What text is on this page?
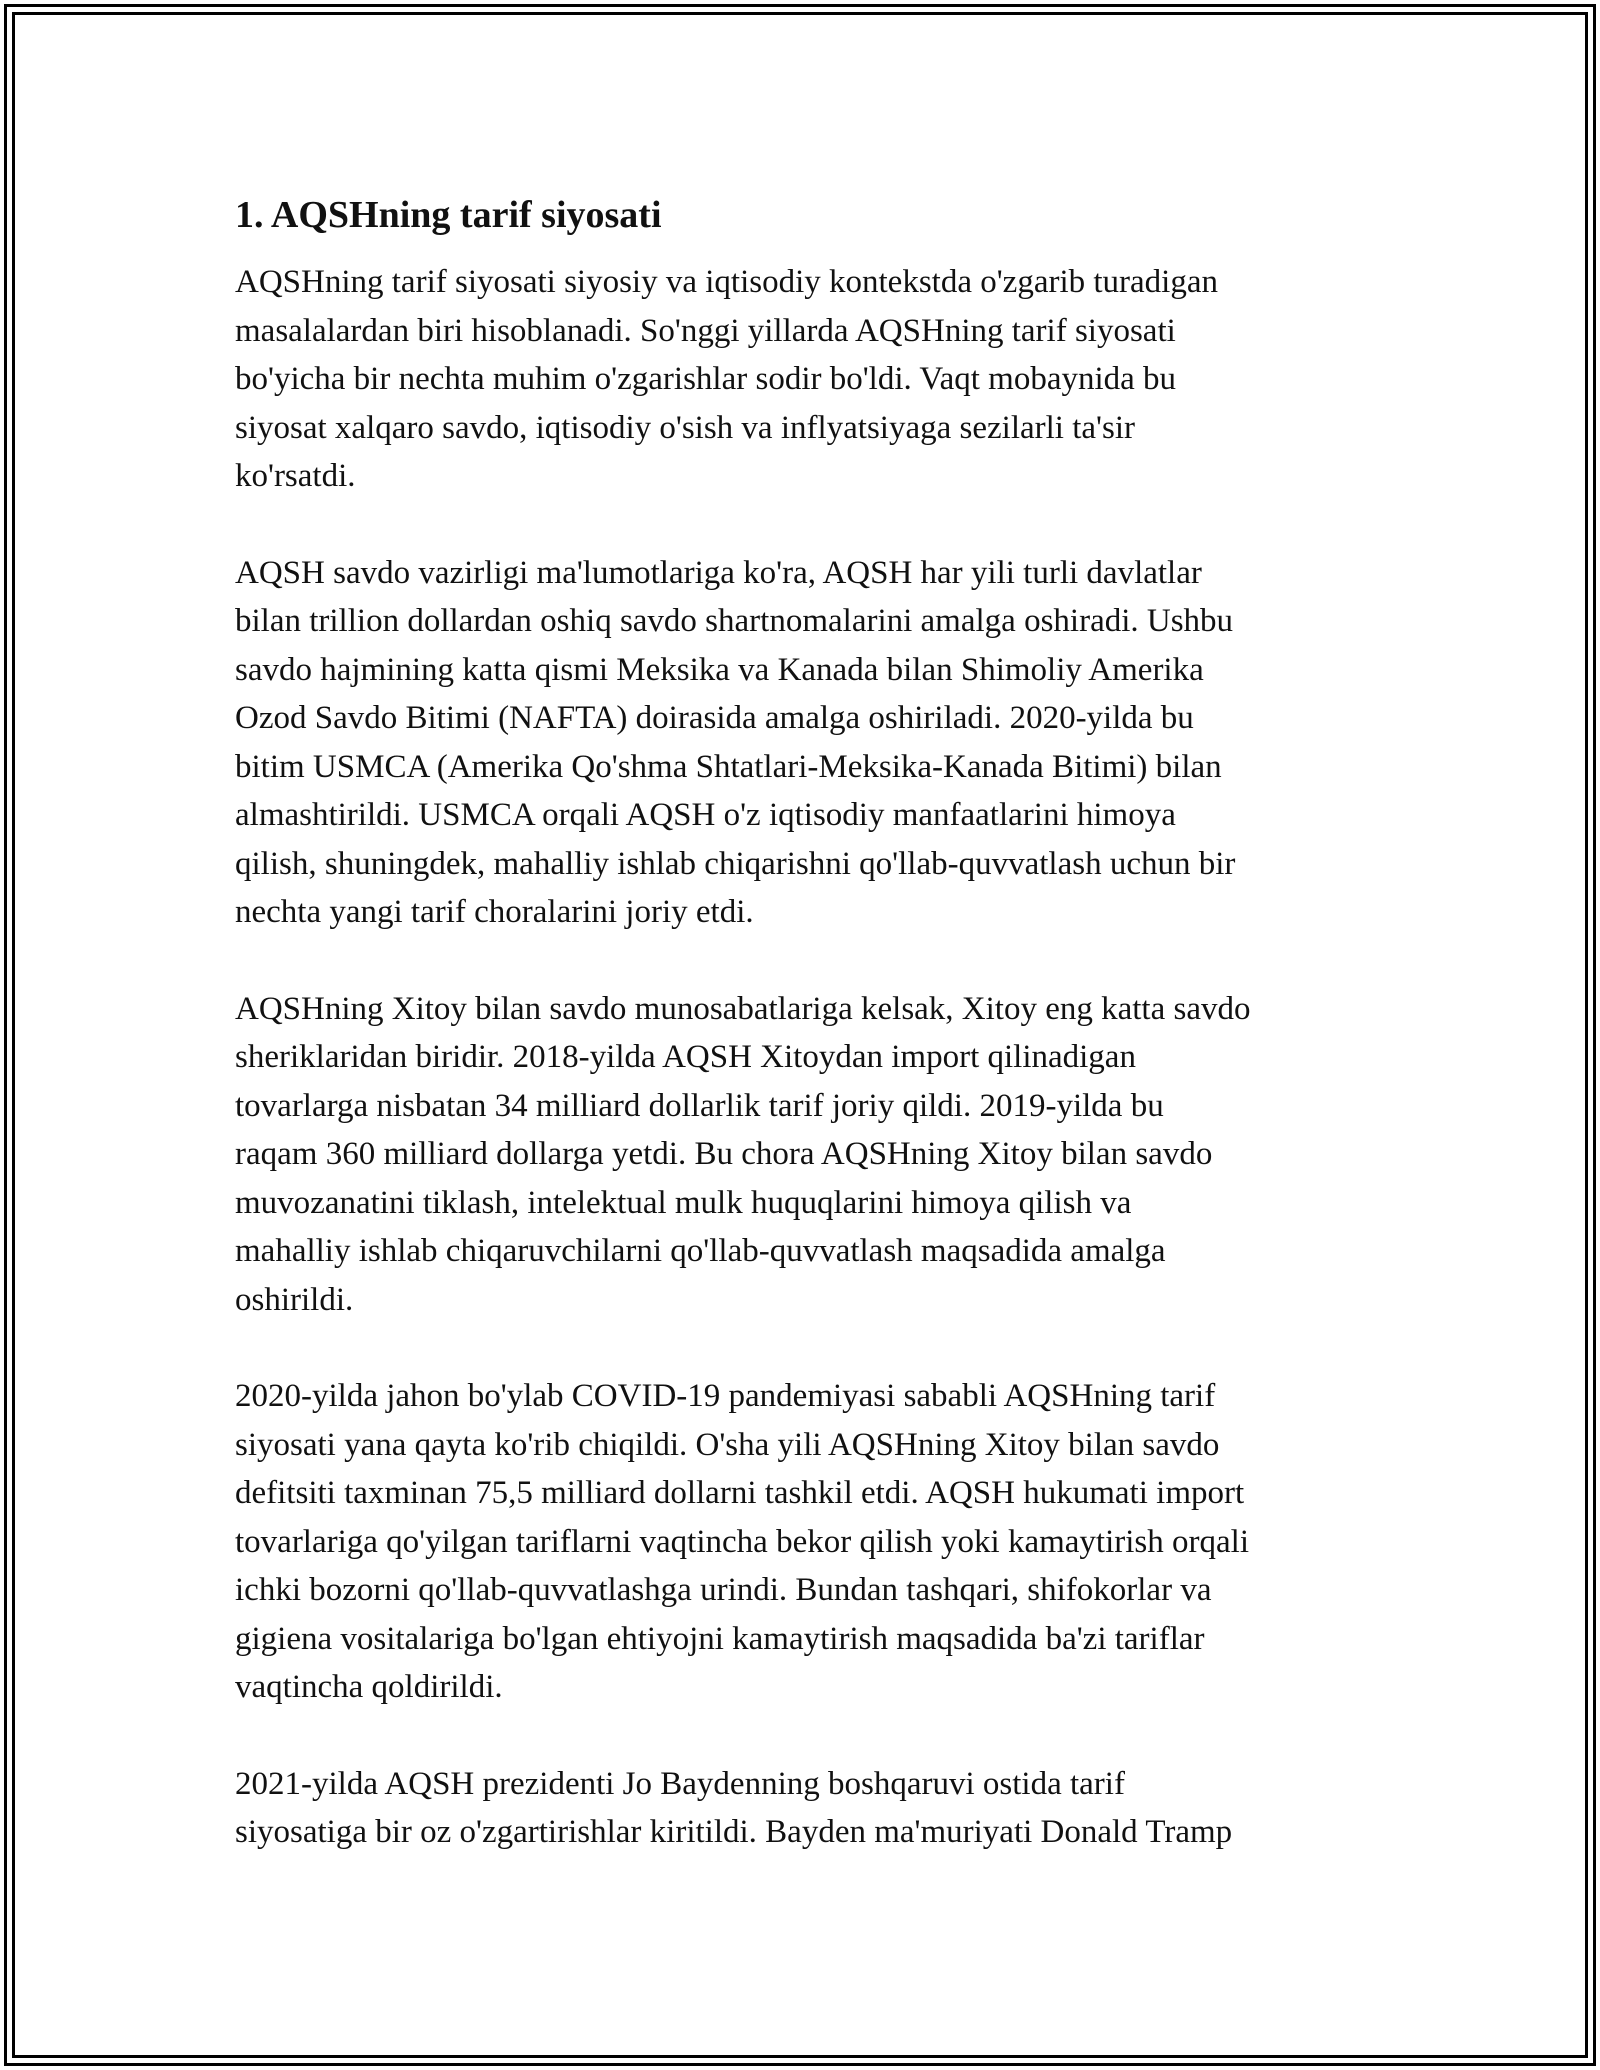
1. AQSHning tarif siyosati
AQSHning tarif siyosati siyosiy va iqtisodiy kontekstda o'zgarib turadigan
masalalardan biri hisoblanadi. So'nggi yillarda AQSHning tarif siyosati
bo'yicha bir nechta muhim o'zgarishlar sodir bo'ldi. Vaqt mobaynida bu
siyosat xalqaro savdo, iqtisodiy o'sish va inflyatsiyaga sezilarli ta'sir
ko'rsatdi.
AQSH savdo vazirligi ma'lumotlariga ko'ra, AQSH har yili turli davlatlar
bilan trillion dollardan oshiq savdo shartnomalarini amalga oshiradi. Ushbu
savdo hajmining katta qismi Meksika va Kanada bilan Shimoliy Amerika
Ozod Savdo Bitimi (NAFTA) doirasida amalga oshiriladi. 2020-yilda bu
bitim USMCA (Amerika Qo'shma Shtatlari-Meksika-Kanada Bitimi) bilan
almashtirildi. USMCA orqali AQSH o'z iqtisodiy manfaatlarini himoya
qilish, shuningdek, mahalliy ishlab chiqarishni qo'llab-quvvatlash uchun bir
nechta yangi tarif choralarini joriy etdi.
AQSHning Xitoy bilan savdo munosabatlariga kelsak, Xitoy eng katta savdo
sheriklaridan biridir. 2018-yilda AQSH Xitoydan import qilinadigan
tovarlarga nisbatan 34 milliard dollarlik tarif joriy qildi. 2019-yilda bu
raqam 360 milliard dollarga yetdi. Bu chora AQSHning Xitoy bilan savdo
muvozanatini tiklash, intelektual mulk huquqlarini himoya qilish va
mahalliy ishlab chiqaruvchilarni qo'llab-quvvatlash maqsadida amalga
oshirildi.
2020-yilda jahon bo'ylab COVID-19 pandemiyasi sababli AQSHning tarif
siyosati yana qayta ko'rib chiqildi. O'sha yili AQSHning Xitoy bilan savdo
defitsiti taxminan 75,5 milliard dollarni tashkil etdi. AQSH hukumati import
tovarlariga qo'yilgan tariflarni vaqtincha bekor qilish yoki kamaytirish orqali
ichki bozorni qo'llab-quvvatlashga urindi. Bundan tashqari, shifokorlar va
gigiena vositalariga bo'lgan ehtiyojni kamaytirish maqsadida ba'zi tariflar
vaqtincha qoldirildi.
2021-yilda AQSH prezidenti Jo Baydenning boshqaruvi ostida tarif
siyosatiga bir oz o'zgartirishlar kiritildi. Bayden ma'muriyati Donald Tramp
